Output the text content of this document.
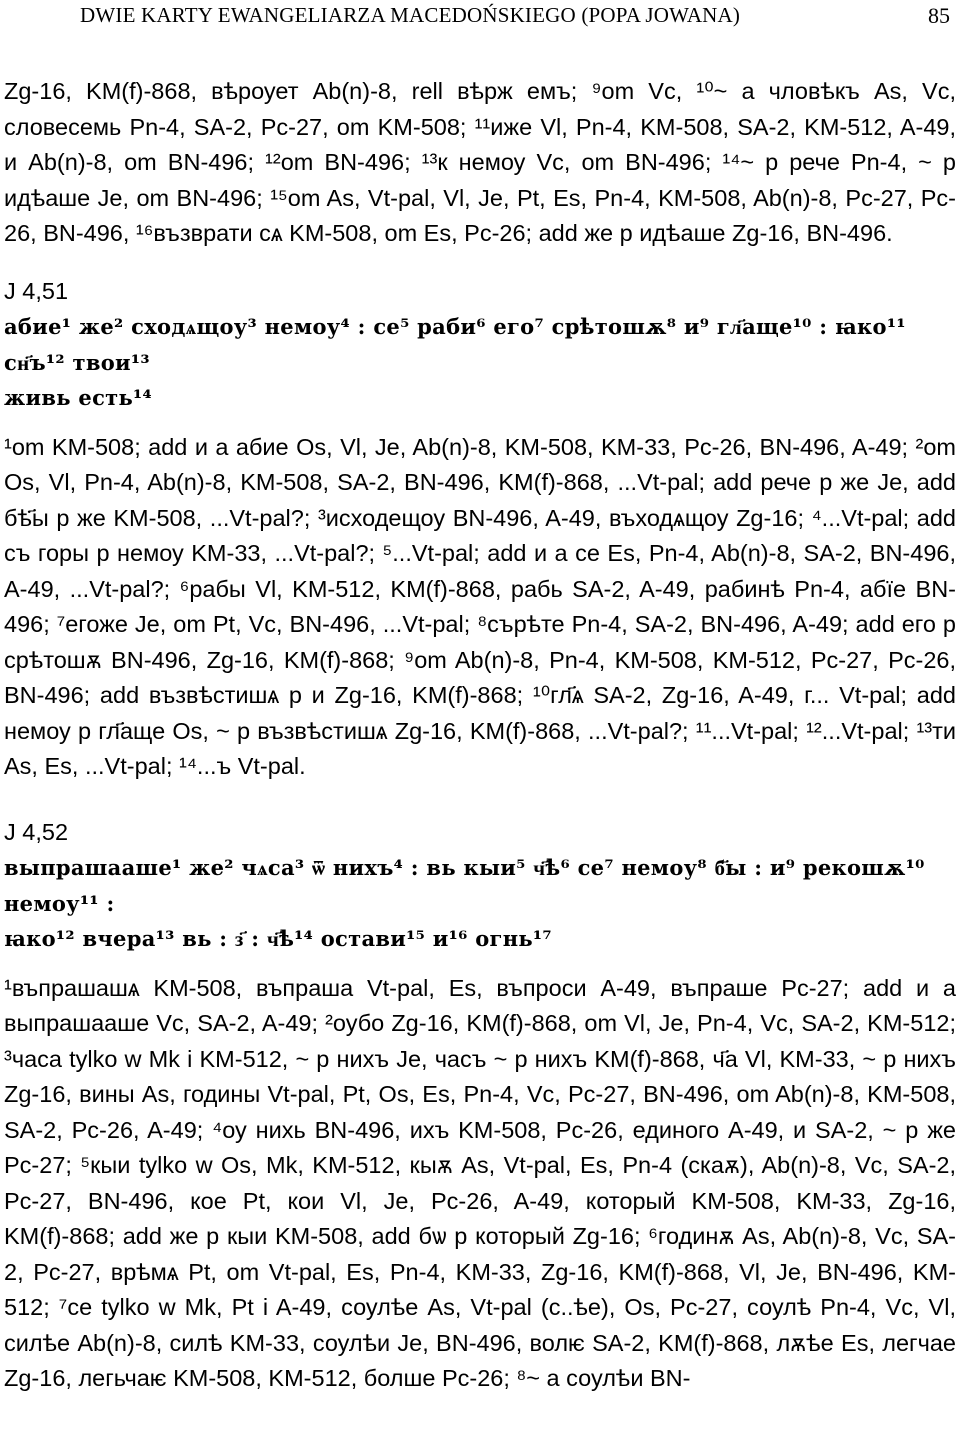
DWIE KARTY EWANGELIARZA MACEDOŃSKIEGO (POPA JOWANA)	85

Zg-16, KM(f)-868, вѣроует Ab(n)-8, rell вѣрж емъ; ⁹om Vc, ¹⁰~ а чловѣкъ As, Vc, словесемь Pn-4, SA-2, Pc-27, om KM-508; ¹¹иже Vl, Pn-4, KM-508, SA-2, KM-512, A-49, и Ab(n)-8, om BN-496; ¹²om BN-496; ¹³к немоу Vc, om BN-496; ¹⁴~ р рече Pn-4, ~ р идѣаше Je, om BN-496; ¹⁵om As, Vt-pal, Vl, Je, Pt, Es, Pn-4, KM-508, Ab(n)-8, Pc-27, Pc-26, BN-496, ¹⁶възврати сѧ KM-508, om Es, Pc-26; add же р идѣаше Zg-16, BN-496.

J 4,51

абие¹ же² сходѧщоу³ немоу⁴ : се⁵ раби⁶ его⁷ срѣтошѫ⁸ и⁹ гл҃аще¹⁰ : ꙗко¹¹ сн҃ъ¹² твои¹³

живь есть¹⁴

¹om KM-508; add и а абие Os, Vl, Je, Ab(n)-8, KM-508, KM-33, Pc-26, BN-496, A-49; ²om Os, Vl, Pn-4, Ab(n)-8, KM-508, SA-2, BN-496, KM(f)-868, ...Vt-pal; add рече р же Je, add бѣ҃ы р же KM-508, ...Vt-pal?; ³исходещоу BN-496, A-49, въходѧщоу Zg-16; ⁴...Vt-pal; add съ горы р немоу KM-33, ...Vt-pal?; ⁵...Vt-pal; add и а се Es, Pn-4, Ab(n)-8, SA-2, BN-496, A-49, ...Vt-pal?; ⁶рабы Vl, KM-512, KM(f)-868, рабь SA-2, A-49, рабинѣ Pn-4, абїе BN-496; ⁷егоже Je, om Pt, Vc, BN-496, ...Vt-pal; ⁸сърѣте Pn-4, SA-2, BN-496, A-49; add его р срѣтошѫ BN-496, Zg-16, KM(f)-868; ⁹om Ab(n)-8, Pn-4, KM-508, KM-512, Pc-27, Pc-26, BN-496; add възвѣстишѧ р и Zg-16, KM(f)-868; ¹⁰гл҃ѧ SA-2, Zg-16, A-49, г... Vt-pal; add немоу р гл҃аще Os, ~ р възвѣстишѧ Zg-16, KM(f)-868, ...Vt-pal?; ¹¹...Vt-pal; ¹²...Vt-pal; ¹³ти As, Es, ...Vt-pal; ¹⁴...ъ Vt-pal.

J 4,52

выпрашааше¹ же² чѧса³ ѿ нихъ⁴ : вь кыи⁵ ч҃ѣ⁶ се⁷ немоу⁸ б҃ы : и⁹ рекошѫ¹⁰ немоу¹¹ :

ꙗко¹² вчера¹³ вь : з҃ : ч҃ѣ¹⁴ остави¹⁵ и¹⁶ огнь¹⁷

¹въпрашашѧ KM-508, въпраша Vt-pal, Es, въпроси A-49, въпраше Pc-27; add и а выпрашааше Vc, SA-2, A-49; ²оубо Zg-16, KM(f)-868, om Vl, Je, Pn-4, Vc, SA-2, KM-512; ³часа tylko w Mk i KM-512, ~ р нихъ Je, часъ ~ р нихъ KM(f)-868, ч҃а Vl, KM-33, ~ р нихъ Zg-16, вины As, годины Vt-pal, Pt, Os, Es, Pn-4, Vc, Pc-27, BN-496, om Ab(n)-8, KM-508, SA-2, Pc-26, A-49; ⁴оу нихь BN-496, ихъ KM-508, Pc-26, единого A-49, и SA-2, ~ р же Pc-27; ⁵кыи tylko w Os, Mk, KM-512, кыѫ As, Vt-pal, Es, Pn-4 (скаѫ), Ab(n)-8, Vc, SA-2, Pc-27, BN-496, кое Pt, кои Vl, Je, Pc-26, A-49, который KM-508, KM-33, Zg-16, KM(f)-868; add же р кыи KM-508, add бѡ р который Zg-16; ⁶годинѫ As, Ab(n)-8, Vc, SA-2, Pc-27, врѣмѧ Pt, om Vt-pal, Es, Pn-4, KM-33, Zg-16, KM(f)-868, Vl, Je, BN-496, KM-512; ⁷се tylko w Mk, Pt i A-49, соулѣе As, Vt-pal (с..ѣе), Os, Pc-27, соулѣ Pn-4, Vc, Vl, силѣе Ab(n)-8, силѣ KM-33, соулѣи Je, BN-496, волѥ SA-2, KM(f)-868, лѫѣе Es, легчае Zg-16, легьчаѥ KM-508, KM-512, болше Pc-26; ⁸~ а соулѣи BN-
